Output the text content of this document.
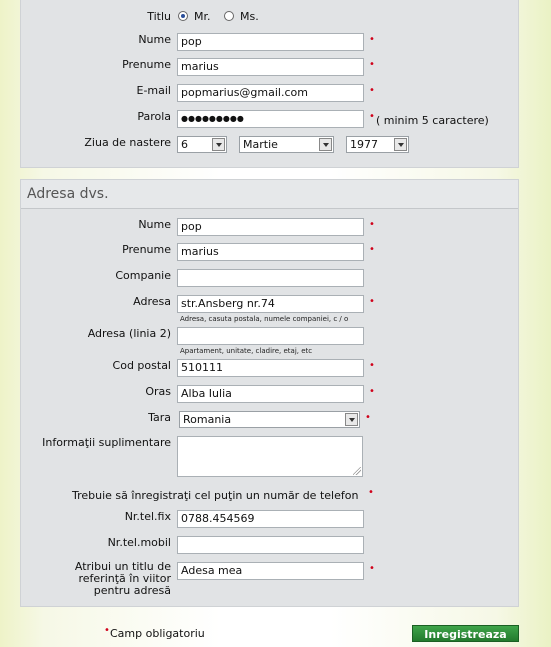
Titlu Mr.	Ms.
Nume pop	•
Prenume marius	•
E-mail popmarius@gmail.com	•
Parola	●●●●●●●●●	• ( minim 5 caractere)
Ziua de nastere 6	Martie	1977
Adresa dvs.
Nume pop	•
Prenume marius	•
Companie
Adresa str.Ansberg nr.74	•
Adresa, casuta postala, numele companiei, c / o
Adresa (linia 2)
Apartament, unitate, cladire, etaj, etc
Cod postal 510111	•
Oras Alba Iulia	•
Tara	Romania	•
Informaţii suplimentare
Trebuie să înregistraţi cel puţin un număr de telefon •
Nr.tel.fix 0788.454569
Nr.tel.mobil
Atribui un titlu de referinţă în viitor pentru adresă
Adesa mea	•
• Camp obligatoriu	Inregistreaza
